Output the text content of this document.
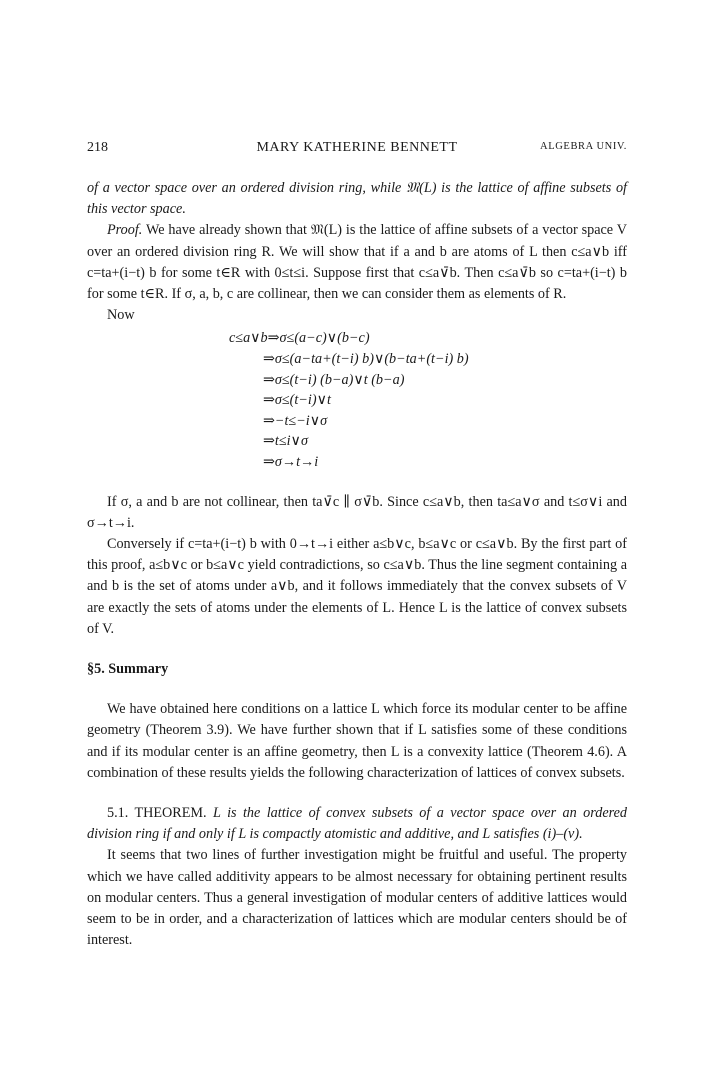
218	MARY KATHERINE BENNETT	ALGEBRA UNIV.

of a vector space over an ordered division ring, while 𝔐(L) is the lattice of affine subsets of this vector space.

Proof. We have already shown that 𝔐(L) is the lattice of affine subsets of a vector space V over an ordered division ring R. We will show that if a and b are atoms of L then c≤a∨b iff c=ta+(i−t) b for some t∈R with 0≤t≤i. Suppose first that c≤a∨̄b. Then c≤a∨̄b so c=ta+(i−t) b for some t∈R. If σ, a, b, c are collinear, then we can consider them as elements of R.

Now

c≤a∨b⇒σ≤(a−c)∨(b−c)
⇒σ≤(a−ta+(t−i) b)∨(b−ta+(t−i) b)
⇒σ≤(t−i) (b−a)∨t (b−a)
⇒σ≤(t−i)∨t
⇒−t≤−i∨σ
⇒t≤i∨σ
⇒σ→t→i

If σ, a and b are not collinear, then ta∨̄c ∥ σ∨̄b. Since c≤a∨b, then ta≤a∨σ and t≤σ∨i and σ→t→i.

Conversely if c=ta+(i−t) b with 0→t→i either a≤b∨c, b≤a∨c or c≤a∨b. By the first part of this proof, a≤b∨c or b≤a∨c yield contradictions, so c≤a∨b. Thus the line segment containing a and b is the set of atoms under a∨b, and it follows immediately that the convex subsets of V are exactly the sets of atoms under the elements of L. Hence L is the lattice of convex subsets of V.

§5. Summary

We have obtained here conditions on a lattice L which force its modular center to be affine geometry (Theorem 3.9). We have further shown that if L satisfies some of these conditions and if its modular center is an affine geometry, then L is a convexity lattice (Theorem 4.6). A combination of these results yields the following characterization of lattices of convex subsets.

5.1. THEOREM. L is the lattice of convex subsets of a vector space over an ordered division ring if and only if L is compactly atomistic and additive, and L satisfies (i)–(v).

It seems that two lines of further investigation might be fruitful and useful. The property which we have called additivity appears to be almost necessary for obtaining pertinent results on modular centers. Thus a general investigation of modular centers of additive lattices would seem to be in order, and a characterization of lattices which are modular centers should be of interest.
